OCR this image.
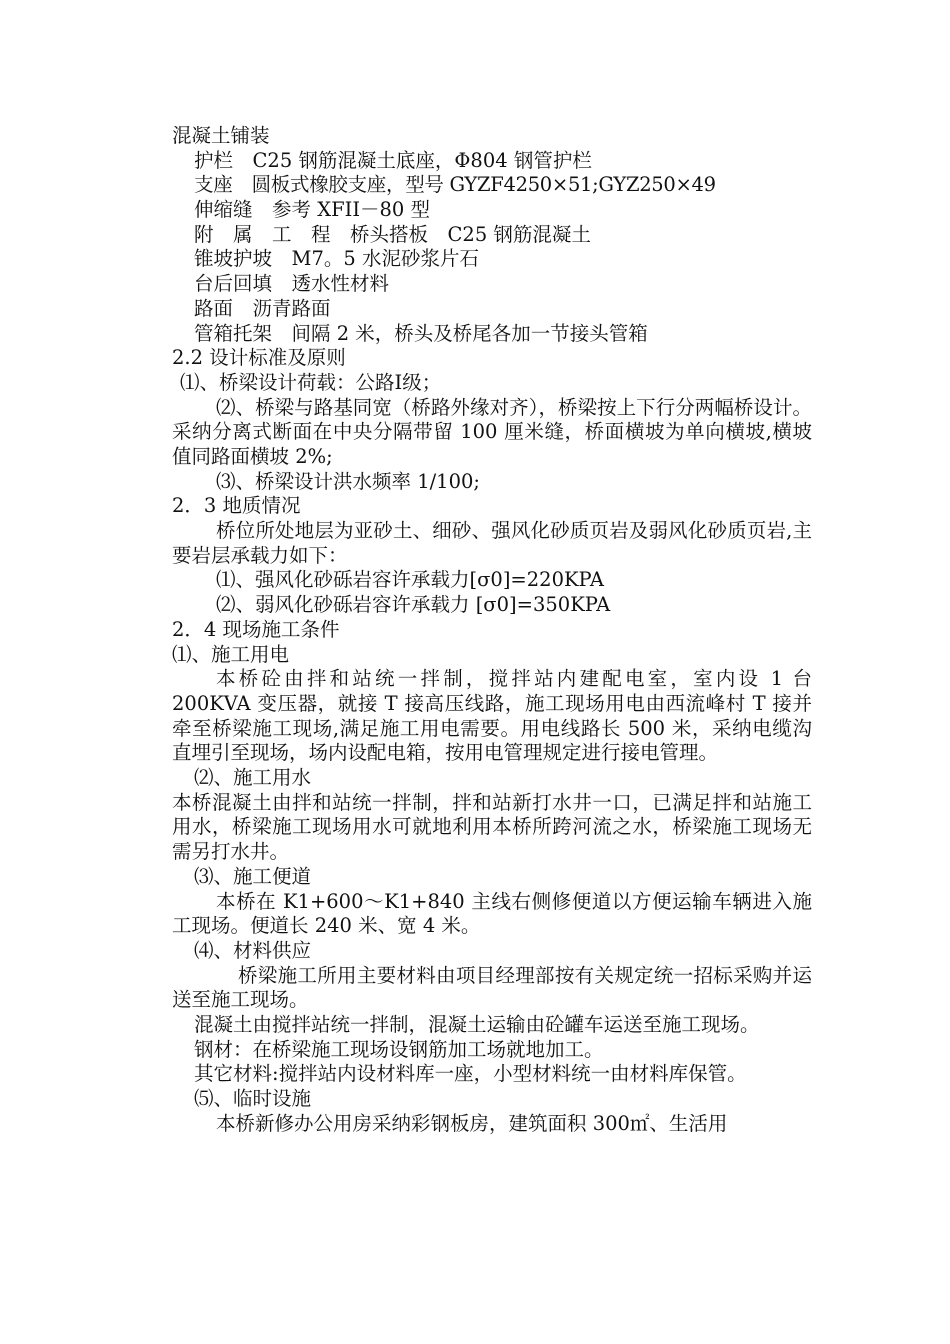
混凝土铺装
护栏　C25 钢筋混凝土底座，Φ804 钢管护栏
支座　圆板式橡胶支座，型号 GYZF4250×51;GYZ250×49
伸缩缝　参考 XFII－80 型
附　属　工　程　桥头搭板　C25 钢筋混凝土
锥坡护坡　M7。5 水泥砂浆片石
台后回填　透水性材料
路面　沥青路面
管箱托架　间隔 2 米，桥头及桥尾各加一节接头管箱
2.2 设计标准及原则
⑴、桥梁设计荷载：公路Ⅰ级；

⑵、桥梁与路基同宽（桥路外缘对齐），桥梁按上下行分两幅桥设计。采纳分离式断面在中央分隔带留 100 厘米缝，桥面横坡为单向横坡,横坡值同路面横坡 2%;

⑶、桥梁设计洪水频率 1/100;
2．3 地质情况

桥位所处地层为亚砂土、细砂、强风化砂质页岩及弱风化砂质页岩,主要岩层承载力如下：

⑴、强风化砂砾岩容许承载力[σ0]=220KPA
⑵、弱风化砂砾岩容许承载力 [σ0]=350KPA
2．4 现场施工条件
⑴、施工用电

本桥砼由拌和站统一拌制，搅拌站内建配电室，室内设 1 台 200KVA 变压器，就接 T 接高压线路，施工现场用电由西流峰村 T 接并牵至桥梁施工现场,满足施工用电需要。用电线路长 500 米，采纳电缆沟直埋引至现场，场内设配电箱，按用电管理规定进行接电管理。

⑵、施工用水

本桥混凝土由拌和站统一拌制，拌和站新打水井一口，已满足拌和站施工用水，桥梁施工现场用水可就地利用本桥所跨河流之水，桥梁施工现场无需另打水井。

⑶、施工便道

本桥在 K1+600～K1+840 主线右侧修便道以方便运输车辆进入施工现场。便道长 240 米、宽 4 米。

⑷、材料供应

桥梁施工所用主要材料由项目经理部按有关规定统一招标采购并运送至施工现场。

混凝土由搅拌站统一拌制，混凝土运输由砼罐车运送至施工现场。

钢材：在桥梁施工现场设钢筋加工场就地加工。

其它材料:搅拌站内设材料库一座，小型材料统一由材料库保管。

⑸、临时设施
本桥新修办公用房采纳彩钢板房，建筑面积 300㎡、生活用
